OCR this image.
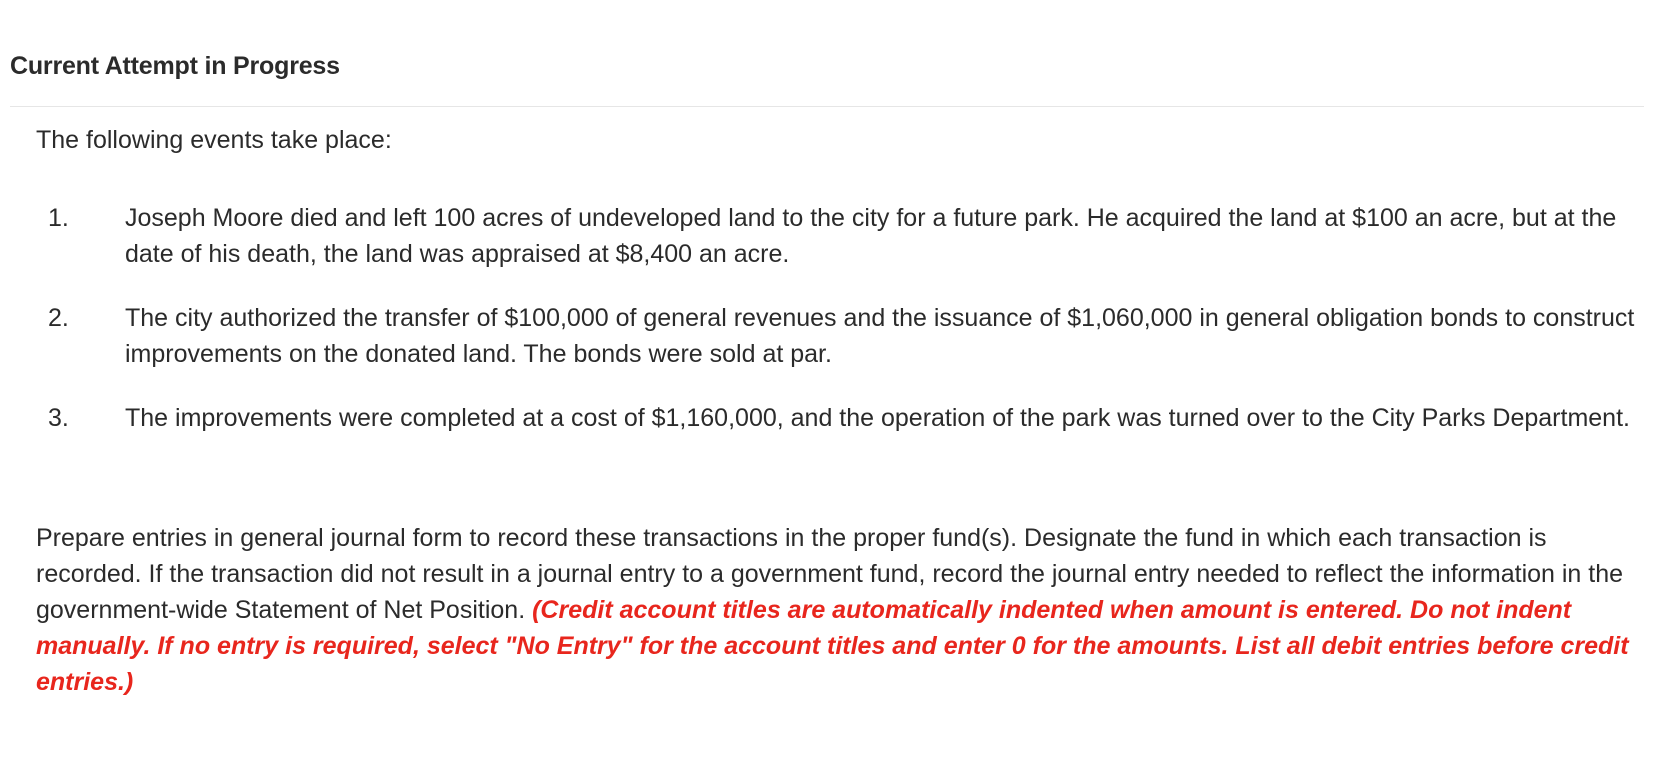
Current Attempt in Progress

The following events take place:

1.	Joseph Moore died and left 100 acres of undeveloped land to the city for a future park. He acquired the land at $100 an acre, but at the date of his death, the land was appraised at $8,400 an acre.
2.	The city authorized the transfer of $100,000 of general revenues and the issuance of $1,060,000 in general obligation bonds to construct improvements on the donated land. The bonds were sold at par.
3.	The improvements were completed at a cost of $1,160,000, and the operation of the park was turned over to the City Parks Department.

Prepare entries in general journal form to record these transactions in the proper fund(s). Designate the fund in which each transaction is recorded. If the transaction did not result in a journal entry to a government fund, record the journal entry needed to reflect the information in the government-wide Statement of Net Position. (Credit account titles are automatically indented when amount is entered. Do not indent manually. If no entry is required, select "No Entry" for the account titles and enter 0 for the amounts. List all debit entries before credit entries.)
